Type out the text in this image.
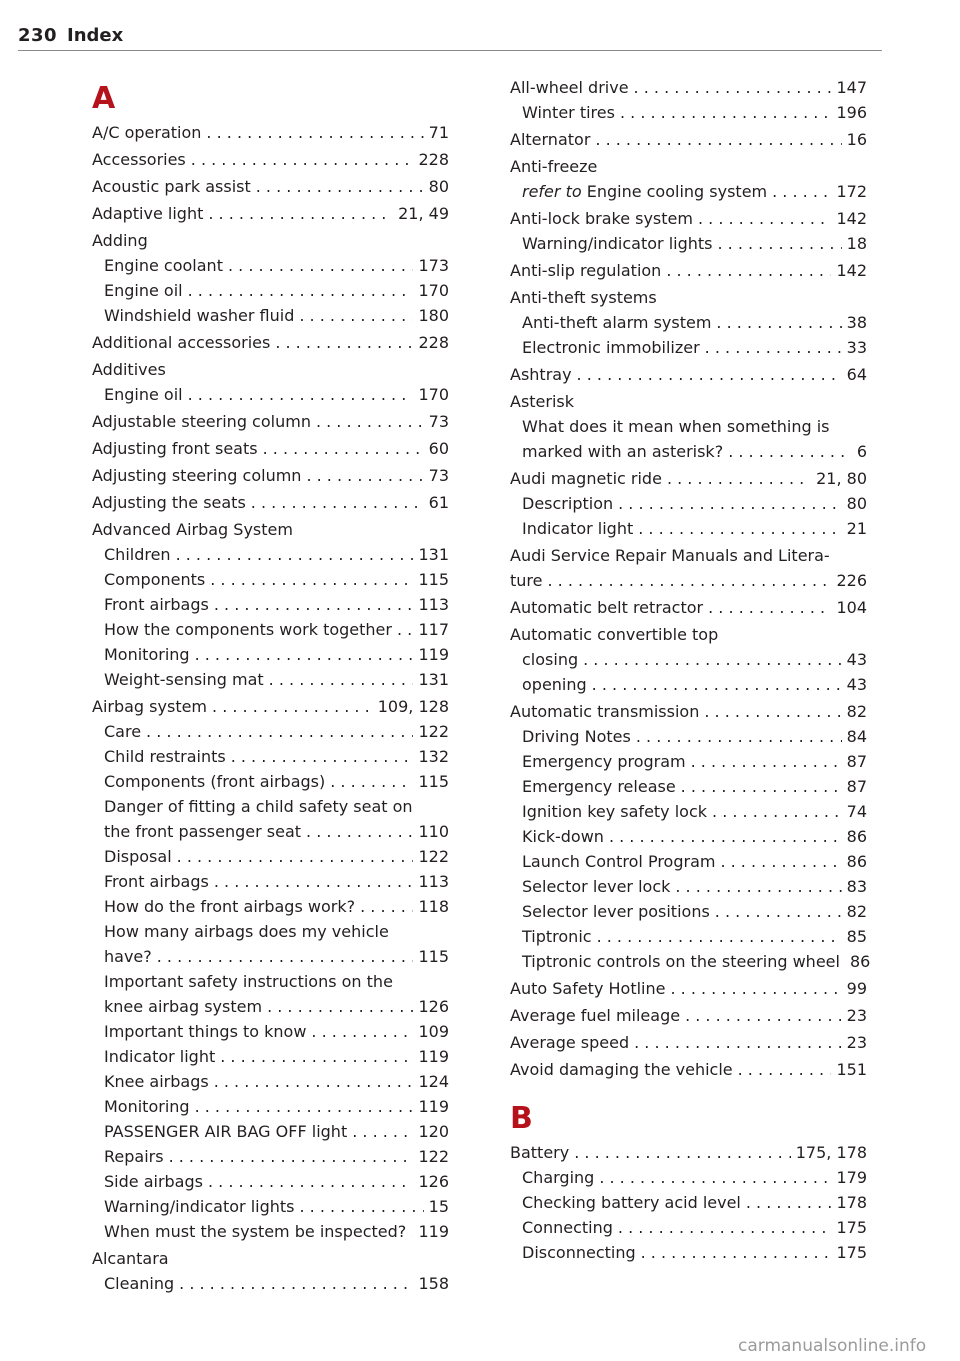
230 Index
A
A/C operation . . .	71
Accessories . . .	228
Acoustic park assist . . .	80
Adaptive light . . .	21, 49
Adding
Engine coolant . . .	173
Engine oil . . .	170
Windshield washer fluid . . .	180
Additional accessories . . .	228
Additives
Engine oil . . .	170
Adjustable steering column . . .	73
Adjusting front seats . . .	60
Adjusting steering column . . .	73
Adjusting the seats . . .	61
Advanced Airbag System
Children . . .	131
Components . . .	115
Front airbags . . .	113
How the components work together . . . 117
Monitoring . . .	119
Weight-sensing mat . . .	131
Airbag system . . .	109, 128
Care . . .	122
Child restraints . . .	132
Components (front airbags) . . .	115
Danger of fitting a child safety seat on
the front passenger seat . . .	110
Disposal . . .	122
Front airbags . . .	113
How do the front airbags work? . . .	118
How many airbags does my vehicle
have? . . .	115
Important safety instructions on the
knee airbag system . . .	126
Important things to know . . .	109
Indicator light . . .	119
Knee airbags . . .	124
Monitoring . . .	119
PASSENGER AIR BAG OFF light . . .	120
Repairs . . .	122
Side airbags . . .	126
Warning/indicator lights . . .	15
When must the system be inspected? . . . 119
Alcantara
Cleaning . . .	158
All-wheel drive . . .	147
Winter tires . . .	196
Alternator . . .	16
Anti-freeze
refer to Engine cooling system . . .	172
Anti-lock brake system . . .	142
Warning/indicator lights . . .	18
Anti-slip regulation . . .	142
Anti-theft systems
Anti-theft alarm system . . .	38
Electronic immobilizer . . .	33
Ashtray . . .	64
Asterisk
What does it mean when something is
marked with an asterisk? . . .	6
Audi magnetic ride . . .	21, 80
Description . . .	80
Indicator light . . .	21
Audi Service Repair Manuals and Litera-
ture . . .	226
Automatic belt retractor . . .	104
Automatic convertible top
closing . . .	43
opening . . .	43
Automatic transmission . . .	82
Driving Notes . . .	84
Emergency program . . .	87
Emergency release . . .	87
Ignition key safety lock . . .	74
Kick-down . . .	86
Launch Control Program . . .	86
Selector lever lock . . .	83
Selector lever positions . . .	82
Tiptronic . . .	85
Tiptronic controls on the steering wheel 86
Auto Safety Hotline . . .	99
Average fuel mileage . . .	23
Average speed . . .	23
Avoid damaging the vehicle . . .	151
B
Battery . . .	175, 178
Charging . . .	179
Checking battery acid level . . .	178
Connecting . . .	175
Disconnecting . . .	175
carmanualsonline.info
